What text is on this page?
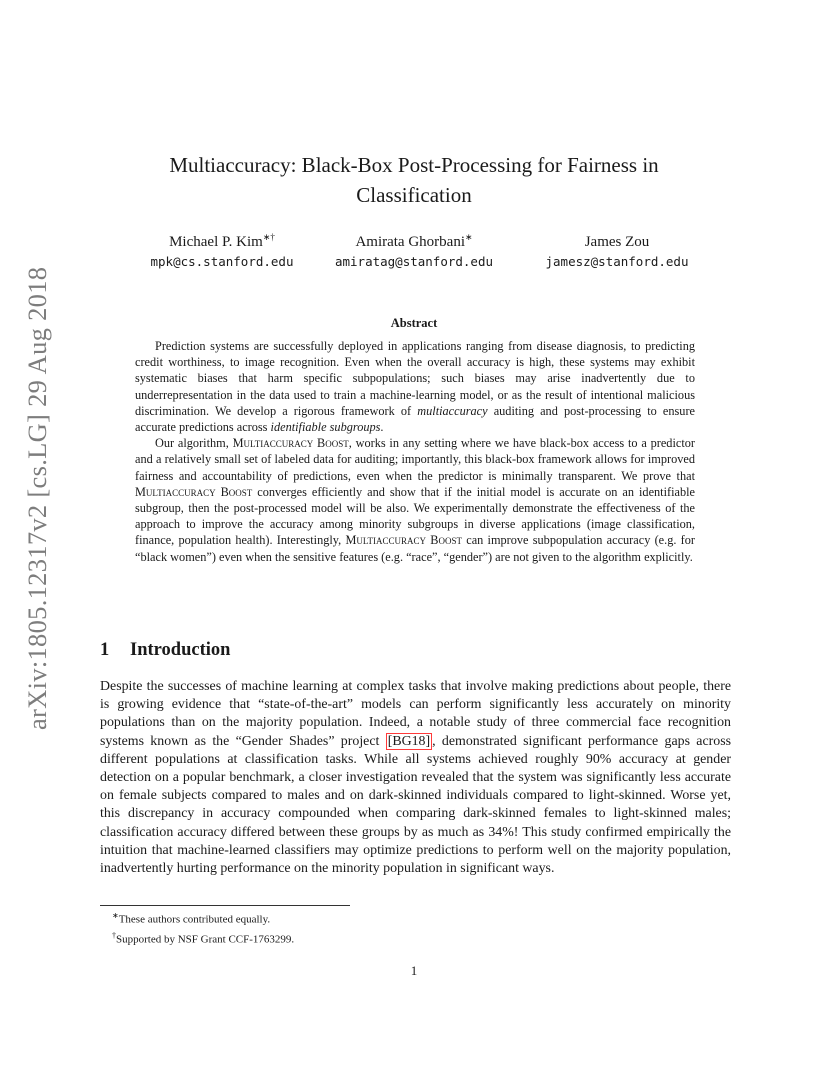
arXiv:1805.12317v2 [cs.LG] 29 Aug 2018
Multiaccuracy: Black-Box Post-Processing for Fairness in
Classification
Michael P. Kim∗†
mpk@cs.stanford.edu
Amirata Ghorbani∗
amiratag@stanford.edu
James Zou
jamesz@stanford.edu
Abstract

Prediction systems are successfully deployed in applications ranging from disease diagnosis, to predicting credit worthiness, to image recognition. Even when the overall accuracy is high, these systems may exhibit systematic biases that harm specific subpopulations; such biases may arise inadvertently due to underrepresentation in the data used to train a machine-learning model, or as the result of intentional malicious discrimination. We develop a rigorous framework of multiaccuracy auditing and post-processing to ensure accurate predictions across identifiable subgroups.

Our algorithm, Multiaccuracy Boost, works in any setting where we have black-box access to a predictor and a relatively small set of labeled data for auditing; importantly, this black-box framework allows for improved fairness and accountability of predictions, even when the predictor is minimally transparent. We prove that Multiaccuracy Boost converges efficiently and show that if the initial model is accurate on an identifiable subgroup, then the post-processed model will be also. We experimentally demonstrate the effectiveness of the approach to improve the accuracy among minority subgroups in diverse applications (image classification, finance, population health). Interestingly, Multiaccuracy Boost can improve subpopulation accuracy (e.g. for “black women”) even when the sensitive features (e.g. “race”, “gender”) are not given to the algorithm explicitly.

1 Introduction

Despite the successes of machine learning at complex tasks that involve making predictions about people, there is growing evidence that “state-of-the-art” models can perform significantly less accurately on minority populations than on the majority population. Indeed, a notable study of three commercial face recognition systems known as the “Gender Shades” project [BG18] , demonstrated significant performance gaps across different populations at classification tasks. While all systems achieved roughly 90% accuracy at gender detection on a popular benchmark, a closer investigation revealed that the system was significantly less accurate on female subjects compared to males and on dark-skinned individuals compared to light-skinned. Worse yet, this discrepancy in accuracy compounded when comparing dark-skinned females to light-skinned males; classification accuracy differed between these groups by as much as 34%! This study confirmed empirically the intuition that machine-learned classifiers may optimize predictions to perform well on the majority population, inadvertently hurting performance on the minority population in significant ways.

∗These authors contributed equally.
†Supported by NSF Grant CCF-1763299.
1
